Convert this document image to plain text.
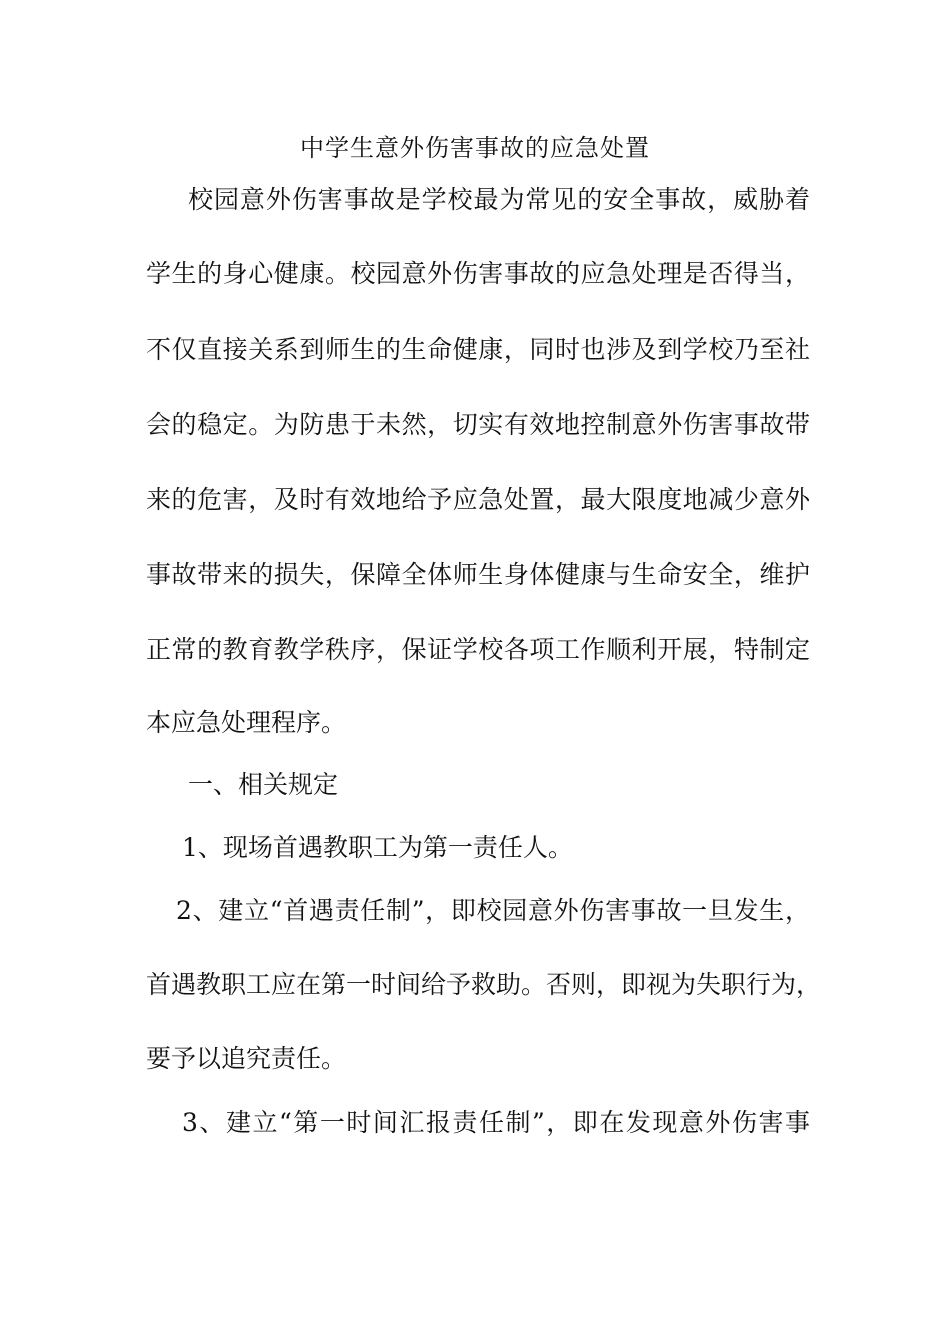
中学生意外伤害事故的应急处置
校园意外伤害事故是学校最为常见的安全事故，威胁着
学生的身心健康。校园意外伤害事故的应急处理是否得当，
不仅直接关系到师生的生命健康，同时也涉及到学校乃至社
会的稳定。为防患于未然，切实有效地控制意外伤害事故带
来的危害，及时有效地给予应急处置，最大限度地减少意外
事故带来的损失，保障全体师生身体健康与生命安全，维护
正常的教育教学秩序，保证学校各项工作顺利开展，特制定
本应急处理程序。
一、相关规定
1、现场首遇教职工为第一责任人。
2、建立“首遇责任制”，即校园意外伤害事故一旦发生，
首遇教职工应在第一时间给予救助。否则，即视为失职行为，
要予以追究责任。
3、建立“第一时间汇报责任制”，即在发现意外伤害事
